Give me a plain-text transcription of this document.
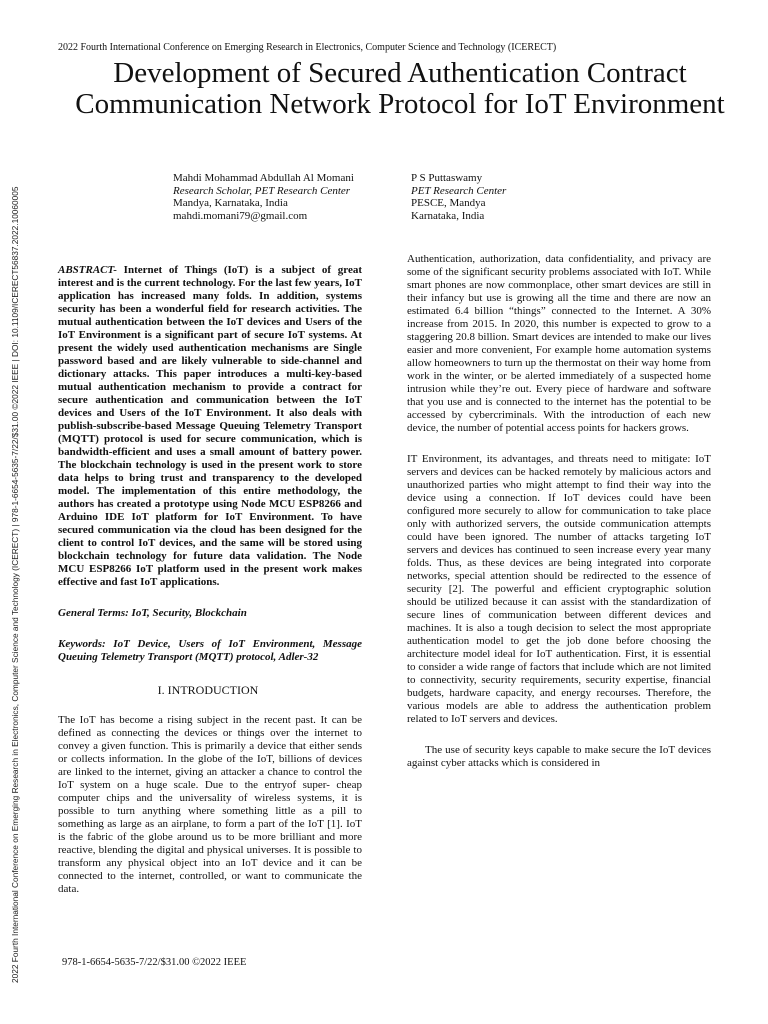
2022 Fourth International Conference on Emerging Research in Electronics, Computer Science and Technology (ICERECT)
Development of Secured Authentication Contract Communication Network Protocol for IoT Environment
Mahdi Mohammad Abdullah Al Momani
Research Scholar, PET Research Center
Mandya, Karnataka, India
mahdi.momani79@gmail.com
P S Puttaswamy
PET Research Center
PESCE, Mandya
Karnataka, India
2022 Fourth International Conference on Emerging Research in Electronics, Computer Science and Technology (ICERECT) | 978-1-6654-5635-7/22/$31.00 ©2022 IEEE | DOI: 10.1109/ICERECT56837.2022.10060005	ABSTRACT- Internet of Things (IoT) is a subject of great interest and is the current technology. For the last few years, IoT application has increased many folds. In addition, systems security has been a wonderful field for research activities. The mutual authentication between the IoT devices and Users of the IoT Environment is a significant part of secure IoT systems. At present the widely used authentication mechanisms are Single password based and are likely vulnerable to side-channel and dictionary attacks. This paper introduces a multi-key-based mutual authentication mechanism to provide a contract for secure authentication and communication between the IoT devices and Users of the IoT Environment. It also deals with publish-subscribe-based Message Queuing Telemetry Transport (MQTT) protocol is used for secure communication, which is bandwidth-efficient and uses a small amount of battery power. The blockchain technology is used in the present work to store data helps to bring trust and transparency to the developed model. The implementation of this entire methodology, the authors has created a prototype using Node MCU ESP8266 and Arduino IDE IoT platform for IoT Environment. To have secured communication via the cloud has been designed for the client to control IoT devices, and the same will be stored using blockchain technology for future data validation. The Node MCU ESP8266 IoT platform used in the present work makes effective and fast IoT applications.

General Terms: IoT, Security, Blockchain

Keywords: IoT Device, Users of IoT Environment, Message Queuing Telemetry Transport (MQTT) protocol, Adler-32

I. INTRODUCTION

The IoT has become a rising subject in the recent past. It can be defined as connecting the devices or things over the internet to convey a given function. This is primarily a device that either sends or collects information. In the globe of the IoT, billions of devices are linked to the internet, giving an attacker a chance to control the IoT system on a huge scale. Due to the entryof super- cheap computer chips and the universality of wireless systems, it is possible to turn anything where something little as a pill to something as large as an airplane, to form a part of the IoT [1]. IoT is the fabric of the globe around us to be more brilliant and more reactive, blending the digital and physical universes. It is possible to transform any physical object into an IoT device and it can be connected to the internet, controlled, or want to communicate the data.

Authentication, authorization, data confidentiality, and privacy are some of the significant security problems associated with IoT. While smart phones are now commonplace, other smart devices are still in their infancy but use is growing all the time and there are now an estimated 6.4 billion “things” connected to the Internet. A 30% increase from 2015. In 2020, this number is expected to grow to a staggering 20.8 billion. Smart devices are intended to make our lives easier and more convenient, For example home automation systems allow homeowners to turn up the thermostat on their way home from work in the winter, or be alerted immediately of a suspected home intrusion while they’re out. Every piece of hardware and software that you use and is connected to the internet has the potential to be accessed by cybercriminals. With the introduction of each new device, the number of potential access points for hackers grows.

IT Environment, its advantages, and threats need to mitigate: IoT servers and devices can be hacked remotely by malicious actors and unauthorized parties who might attempt to find their way into the device using a connection. If IoT devices could have been configured more securely to allow for communication to take place only with authorized servers, the outside communication attempts could have been ignored. The number of attacks targeting IoT servers and devices has continued to seen increase every year many folds. Thus, as these devices are being integrated into corporate networks, special attention should be redirected to the essence of security [2]. The powerful and efficient cryptographic solution should be utilized because it can assist with the standardization of secure lines of communication between different devices and machines. It is also a tough decision to select the most appropriate authentication model to get the job done before choosing the architecture model ideal for IoT authentication. First, it is essential to consider a wide range of factors that include which are not limited to connectivity, security requirements, security expertise, financial budgets, hardware capacity, and energy recourses. Therefore, the various models are able to address the authentication problem related to IoT servers and devices.

The use of security keys capable to make secure the IoT devices against cyber attacks which is considered in

978-1-6654-5635-7/22/$31.00 ©2022 IEEE
